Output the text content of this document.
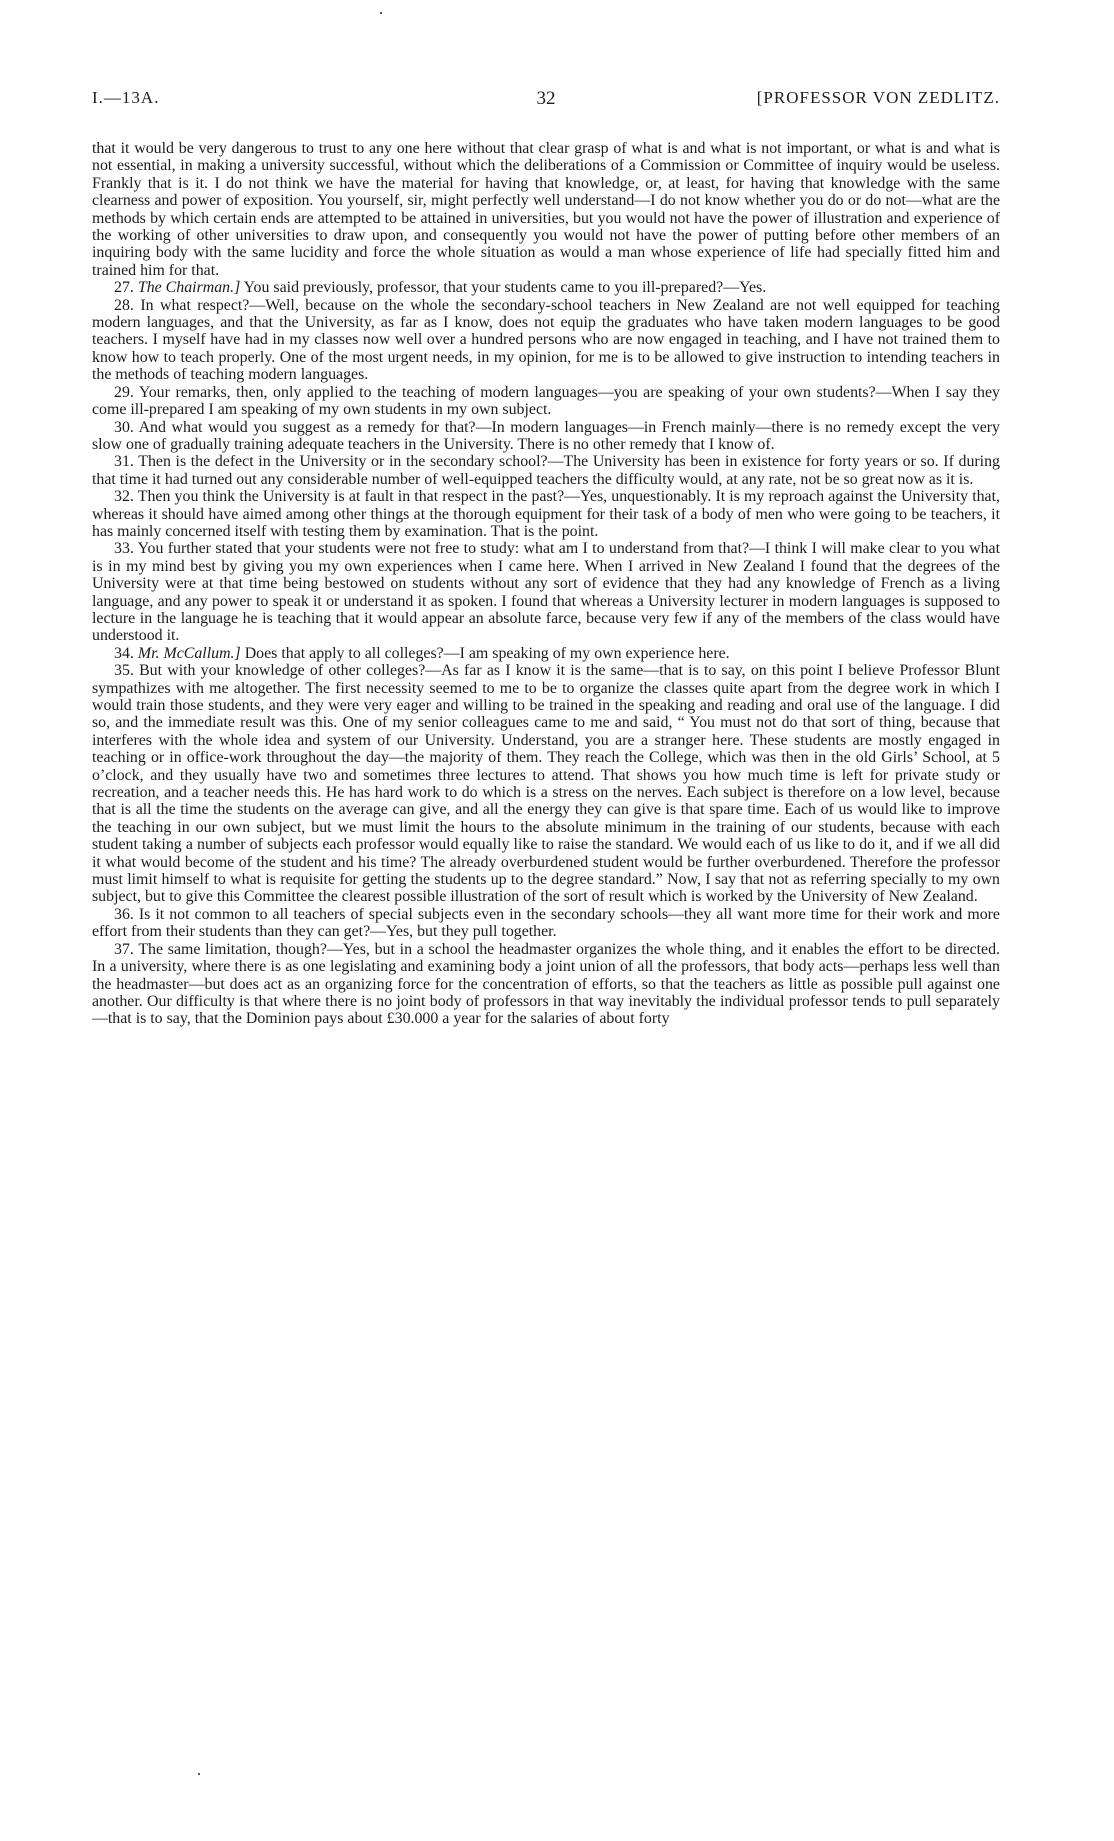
I.—13A.	32	[PROFESSOR VON ZEDLITZ.

that it would be very dangerous to trust to any one here without that clear grasp of what is and what is not important, or what is and what is not essential, in making a university successful, without which the deliberations of a Commission or Committee of inquiry would be useless. Frankly that is it. I do not think we have the material for having that knowledge, or, at least, for having that knowledge with the same clearness and power of exposition. You yourself, sir, might perfectly well understand—I do not know whether you do or do not—what are the methods by which certain ends are attempted to be attained in universities, but you would not have the power of illustration and experience of the working of other universities to draw upon, and consequently you would not have the power of putting before other members of an inquiring body with the same lucidity and force the whole situation as would a man whose experience of life had specially fitted him and trained him for that.

27. The Chairman.] You said previously, professor, that your students came to you ill-prepared?—Yes.

28. In what respect?—Well, because on the whole the secondary-school teachers in New Zealand are not well equipped for teaching modern languages, and that the University, as far as I know, does not equip the graduates who have taken modern languages to be good teachers. I myself have had in my classes now well over a hundred persons who are now engaged in teaching, and I have not trained them to know how to teach properly. One of the most urgent needs, in my opinion, for me is to be allowed to give instruction to intending teachers in the methods of teaching modern languages.

29. Your remarks, then, only applied to the teaching of modern languages—you are speaking of your own students?—When I say they come ill-prepared I am speaking of my own students in my own subject.

30. And what would you suggest as a remedy for that?—In modern languages—in French mainly—there is no remedy except the very slow one of gradually training adequate teachers in the University. There is no other remedy that I know of.

31. Then is the defect in the University or in the secondary school?—The University has been in existence for forty years or so. If during that time it had turned out any considerable number of well-equipped teachers the difficulty would, at any rate, not be so great now as it is.

32. Then you think the University is at fault in that respect in the past?—Yes, unquestionably. It is my reproach against the University that, whereas it should have aimed among other things at the thorough equipment for their task of a body of men who were going to be teachers, it has mainly concerned itself with testing them by examination. That is the point.

33. You further stated that your students were not free to study: what am I to understand from that?—I think I will make clear to you what is in my mind best by giving you my own experiences when I came here. When I arrived in New Zealand I found that the degrees of the University were at that time being bestowed on students without any sort of evidence that they had any knowledge of French as a living language, and any power to speak it or understand it as spoken. I found that whereas a University lecturer in modern languages is supposed to lecture in the language he is teaching that it would appear an absolute farce, because very few if any of the members of the class would have understood it.

34. Mr. McCallum.] Does that apply to all colleges?—I am speaking of my own experience here.

35. But with your knowledge of other colleges?—As far as I know it is the same—that is to say, on this point I believe Professor Blunt sympathizes with me altogether. The first necessity seemed to me to be to organize the classes quite apart from the degree work in which I would train those students, and they were very eager and willing to be trained in the speaking and reading and oral use of the language. I did so, and the immediate result was this. One of my senior colleagues came to me and said, “ You must not do that sort of thing, because that interferes with the whole idea and system of our University. Understand, you are a stranger here. These students are mostly engaged in teaching or in office-work throughout the day—the majority of them. They reach the College, which was then in the old Girls’ School, at 5 o’clock, and they usually have two and sometimes three lectures to attend. That shows you how much time is left for private study or recreation, and a teacher needs this. He has hard work to do which is a stress on the nerves. Each subject is therefore on a low level, because that is all the time the students on the average can give, and all the energy they can give is that spare time. Each of us would like to improve the teaching in our own subject, but we must limit the hours to the absolute minimum in the training of our students, because with each student taking a number of subjects each professor would equally like to raise the standard. We would each of us like to do it, and if we all did it what would become of the student and his time? The already overburdened student would be further overburdened. Therefore the professor must limit himself to what is requisite for getting the students up to the degree standard.” Now, I say that not as referring specially to my own subject, but to give this Committee the clearest possible illustration of the sort of result which is worked by the University of New Zealand.

36. Is it not common to all teachers of special subjects even in the secondary schools—they all want more time for their work and more effort from their students than they can get?—Yes, but they pull together.

37. The same limitation, though?—Yes, but in a school the headmaster organizes the whole thing, and it enables the effort to be directed. In a university, where there is as one legislating and examining body a joint union of all the professors, that body acts—perhaps less well than the headmaster—but does act as an organizing force for the concentration of efforts, so that the teachers as little as possible pull against one another. Our difficulty is that where there is no joint body of professors in that way inevitably the individual professor tends to pull separately—that is to say, that the Dominion pays about £30.000 a year for the salaries of about forty
